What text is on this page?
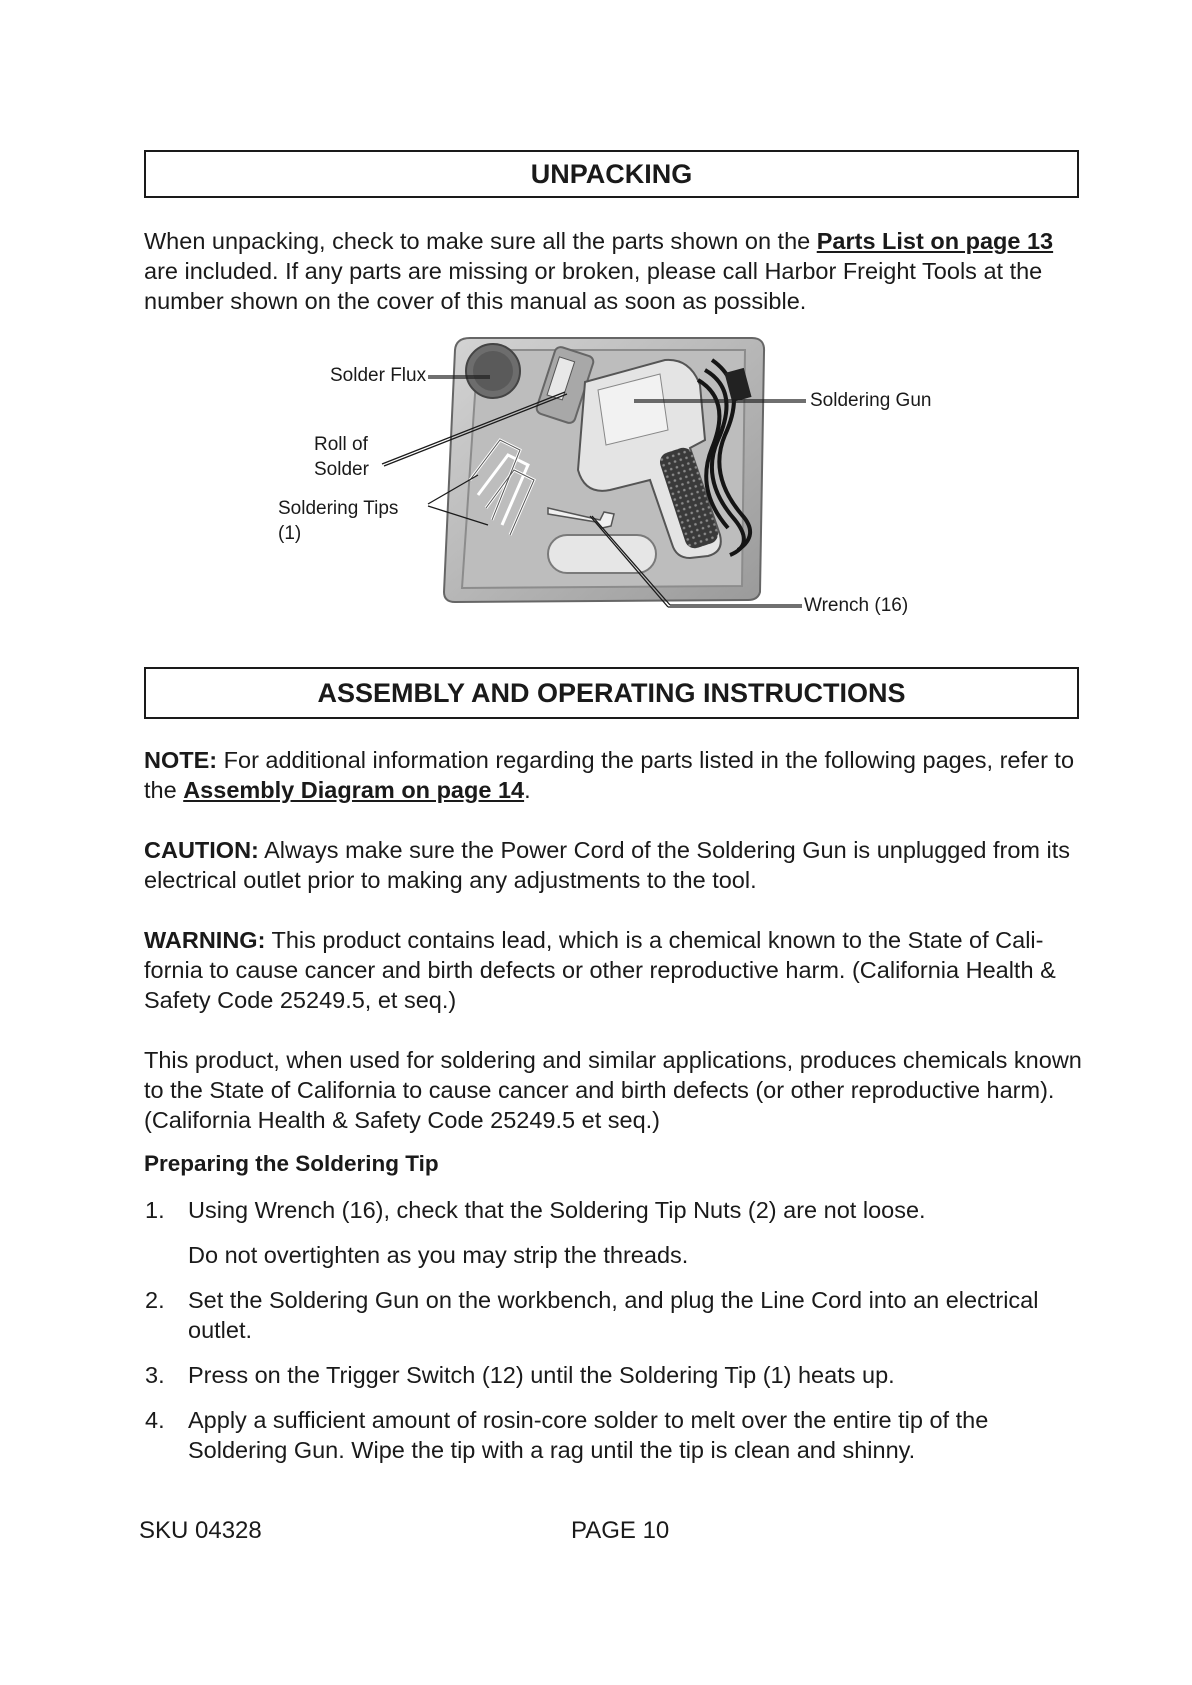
UNPACKING
When unpacking, check to make sure all the parts shown on the Parts List on page 13 are included. If any parts are missing or broken, please call Harbor Freight Tools at the number shown on the cover of this manual as soon as possible.
Solder Flux
Roll of
Solder
Soldering Tips
(1)
Soldering Gun
Wrench (16)
ASSEMBLY AND OPERATING INSTRUCTIONS
NOTE: For additional information regarding the parts listed in the following pages, refer to the Assembly Diagram on page 14.
CAUTION: Always make sure the Power Cord of the Soldering Gun is unplugged from its electrical outlet prior to making any adjustments to the tool.
WARNING: This product contains lead, which is a chemical known to the State of Cali-fornia to cause cancer and birth defects or other reproductive harm. (California Health & Safety Code 25249.5, et seq.)
This product, when used for soldering and similar applications, produces chemicals known to the State of California to cause cancer and birth defects (or other reproductive harm). (California Health & Safety Code 25249.5 et seq.)
Preparing the Soldering Tip
1. Using Wrench (16), check that the Soldering Tip Nuts (2) are not loose.
Do not overtighten as you may strip the threads.
2. Set the Soldering Gun on the workbench, and plug the Line Cord into an electrical outlet.
3. Press on the Trigger Switch (12) until the Soldering Tip (1) heats up.
4. Apply a sufficient amount of rosin-core solder to melt over the entire tip of the Soldering Gun. Wipe the tip with a rag until the tip is clean and shinny.
SKU 04328	PAGE 10
